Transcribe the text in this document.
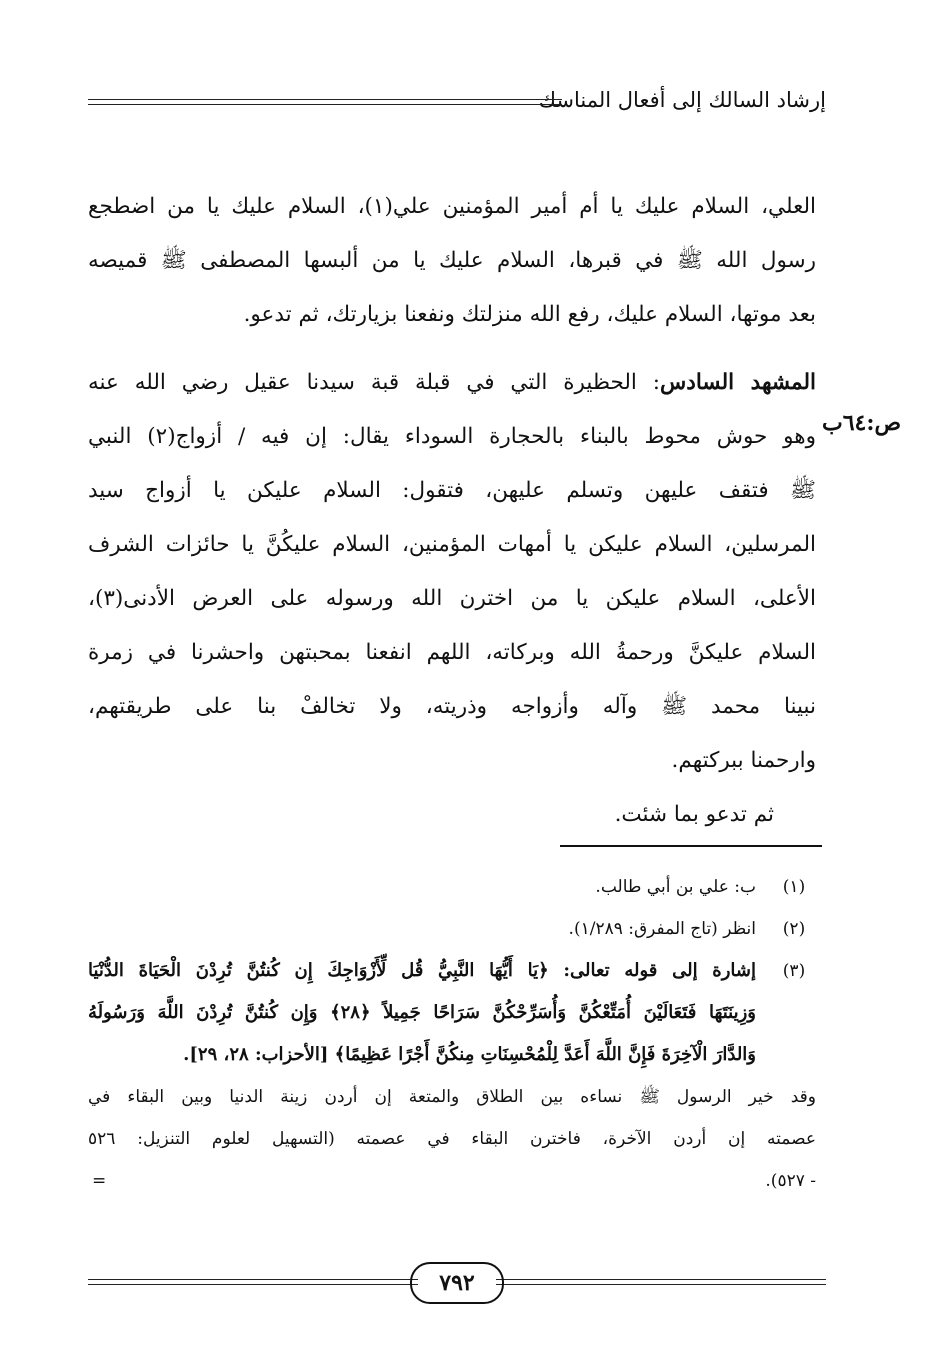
إرشاد السالك إلى أفعال المناسك
ص:٦٤ب
العلي، السلام عليك يا أم أمير المؤمنين علي(١)، السلام عليك يا من اضطجع
رسول الله ﷺ في قبرها، السلام عليك يا من ألبسها المصطفى ﷺ قميصه
بعد موتها، السلام عليك، رفع الله منزلتك ونفعنا بزيارتك، ثم تدعو.
المشهد السادس: الحظيرة التي في قبلة قبة سيدنا عقيل رضي الله عنه
وهو حوش محوط بالبناء بالحجارة السوداء يقال: إن فيه / أزواج(٢) النبي
ﷺ فتقف عليهن وتسلم عليهن، فتقول: السلام عليكن يا أزواج سيد
المرسلين، السلام عليكن يا أمهات المؤمنين، السلام عليكُنَّ يا حائزات الشرف
الأعلى، السلام عليكن يا من اخترن الله ورسوله على العرض الأدنى(٣)،
السلام عليكنَّ ورحمةُ الله وبركاته، اللهم انفعنا بمحبتهن واحشرنا في زمرة
نبينا محمد ﷺ وآله وأزواجه وذريته، ولا تخالفْ بنا على طريقتهم،
وارحمنا ببركتهم.
ثم تدعو بما شئت.
(١)
ب: علي بن أبي طالب.
(٢)
انظر (تاج المفرق: ١/٢٨٩).
(٣)
إشارة إلى قوله تعالى: ﴿يَا أَيُّهَا النَّبِيُّ قُل لِّأَزْوَاجِكَ إِن كُنتُنَّ تُرِدْنَ الْحَيَاةَ الدُّنْيَا
وَزِينَتَهَا فَتَعَالَيْنَ أُمَتِّعْكُنَّ وَأُسَرِّحْكُنَّ سَرَاحًا جَمِيلاً ﴿٢٨﴾ وَإِن كُنتُنَّ تُرِدْنَ اللَّهَ وَرَسُولَهُ
وَالدَّارَ الْآخِرَةَ فَإِنَّ اللَّهَ أَعَدَّ لِلْمُحْسِنَاتِ مِنكُنَّ أَجْرًا عَظِيمًا﴾ [الأحزاب: ٢٨، ٢٩].
وقد خير الرسول ﷺ نساءه بين الطلاق والمتعة إن أردن زينة الدنيا وبين البقاء في
عصمته إن أردن الآخرة، فاخترن البقاء في عصمته (التسهيل لعلوم التنزيل: ٥٢٦
- ٥٢٧).
=
٧٩٢
